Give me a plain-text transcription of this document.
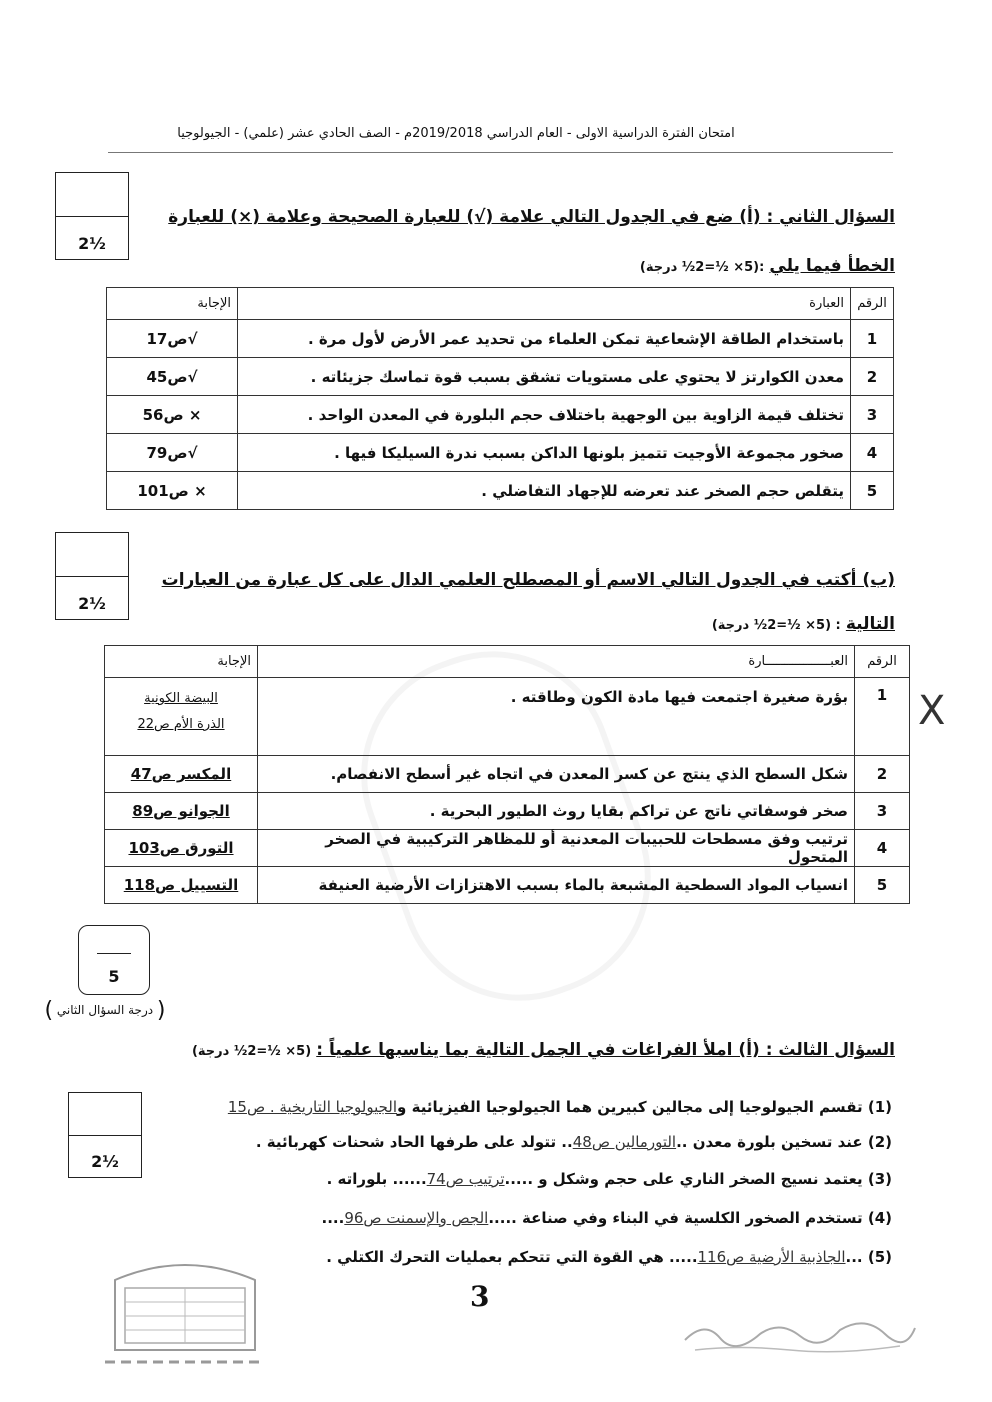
امتحان الفترة الدراسية الاولى - العام الدراسي 2019/2018م - الصف الحادي عشر (علمي) - الجيولوجيا
2½
السؤال الثاني : (أ) ضع في الجدول التالي علامة (√) للعبارة الصحيحة وعلامة (×) للعبارة
الخطأ فيما يلي :(5× ½=2½ درجة)
الرقم	العبارة	الإجابة
1	باستخدام الطاقة الإشعاعية تمكن العلماء من تحديد عمر الأرض لأول مرة .	√ص17
2	معدن الكوارتز لا يحتوي على مستويات تشقق بسبب قوة تماسك جزيئاته .	√ص45
3	تختلف قيمة الزاوية بين الوجهية باختلاف حجم البلورة في المعدن الواحد .	× ص56
4	صخور مجموعة الأوجيت تتميز بلونها الداكن بسبب ندرة السيليكا فيها .	√ص79
5	يتقلص حجم الصخر عند تعرضه للإجهاد التفاضلي .	× ص101
2½
(ب) أكتب في الجدول التالي الاسم أو المصطلح العلمي الدال على كل عبارة من العبارات
التالية : (5× ½=2½ درجة)
الرقم	العبـــــــــــــــــارة	الإجابة
1	بؤرة صغيرة اجتمعت فيها مادة الكون وطاقته .	البيضة الكونية
الذرة الأم ص22

2	شكل السطح الذي ينتج عن كسر المعدن في اتجاه غير أسطح الانفصام.	المكسر ص47
3	صخر فوسفاتي ناتج عن تراكم بقايا روث الطيور البحرية .	الجوانو ص89
4	ترتيب وفق مسطحات للحبيبات المعدنية أو للمظاهر التركيبية في الصخر المتحول	التورق ص103
5	انسياب المواد السطحية المشبعة بالماء بسبب الاهتزازات الأرضية العنيفة	التسييل ص118
X
5
( درجة السؤال الثاني )
السؤال الثالث : (أ) املأ الفراغات في الجمل التالية بما يناسبها علمياً : (5× ½=2½ درجة)
2½
(1) تقسم الجيولوجيا إلى مجالين كبيرين هما الجيولوجيا الفيزيائية والجيولوجيا التاريخية . ص15
(2) عند تسخين بلورة معدن ..التورمالين ص48.. تتولد على طرفها الحاد شحنات كهربائية .
(3) يعتمد نسيج الصخر الناري على حجم وشكل و .....ترتيب ص74...... بلوراته .
(4) تستخدم الصخور الكلسية في البناء وفي صناعة .....الجص والإسمنت ص96....
(5) ...الجاذبية الأرضية ص116..... هي القوة التي تتحكم بعمليات التحرك الكتلي .
3
